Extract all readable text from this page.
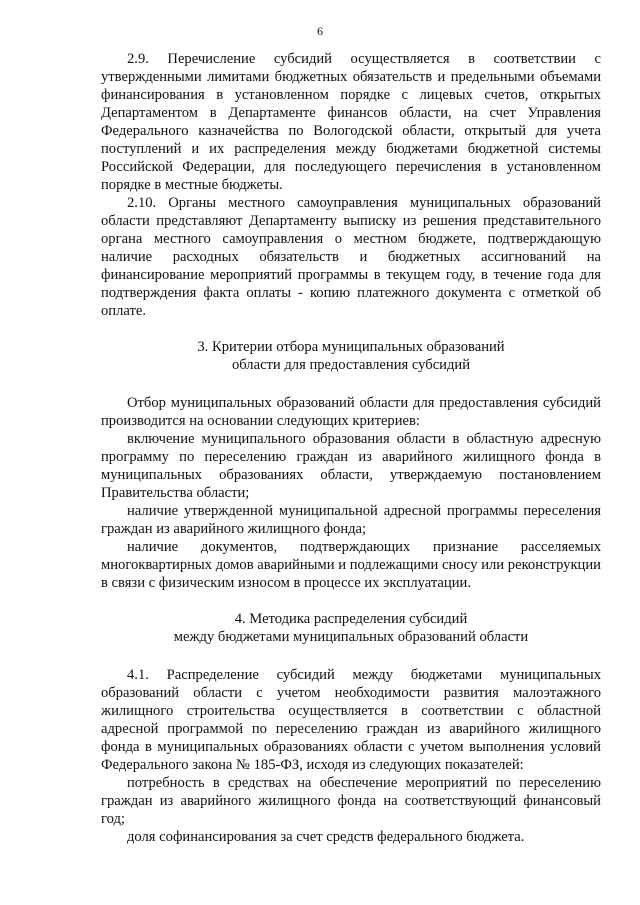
6

2.9. Перечисление субсидий осуществляется в соответствии с утвержденными лимитами бюджетных обязательств и предельными объемами финансирования в установленном порядке с лицевых счетов, открытых Департаментом в Департаменте финансов области, на счет Управления Федерального казначейства по Вологодской области, открытый для учета поступлений и их распределения между бюджетами бюджетной системы Российской Федерации, для последующего перечисления в установленном порядке в местные бюджеты.

2.10. Органы местного самоуправления муниципальных образований области представляют Департаменту выписку из решения представительного органа местного самоуправления о местном бюджете, подтверждающую наличие расходных обязательств и бюджетных ассигнований на финансирование мероприятий программы в текущем году, в течение года для подтверждения факта оплаты - копию платежного документа с отметкой об оплате.

3. Критерии отбора муниципальных образований

области для предоставления субсидий

Отбор муниципальных образований области для предоставления субсидий производится на основании следующих критериев:

включение муниципального образования области в областную адресную программу по переселению граждан из аварийного жилищного фонда в муниципальных образованиях области, утверждаемую постановлением Правительства области;

наличие утвержденной муниципальной адресной программы переселения граждан из аварийного жилищного фонда;

наличие документов, подтверждающих признание расселяемых многоквартирных домов аварийными и подлежащими сносу или реконструкции в связи с физическим износом в процессе их эксплуатации.

4. Методика распределения субсидий

между бюджетами муниципальных образований области

4.1. Распределение субсидий между бюджетами муниципальных образований области с учетом необходимости развития малоэтажного жилищного строительства осуществляется в соответствии с областной адресной программой по переселению граждан из аварийного жилищного фонда в муниципальных образованиях области с учетом выполнения условий Федерального закона № 185-ФЗ, исходя из следующих показателей:

потребность в средствах на обеспечение мероприятий по переселению граждан из аварийного жилищного фонда на соответствующий финансовый год;

доля софинансирования за счет средств федерального бюджета.
